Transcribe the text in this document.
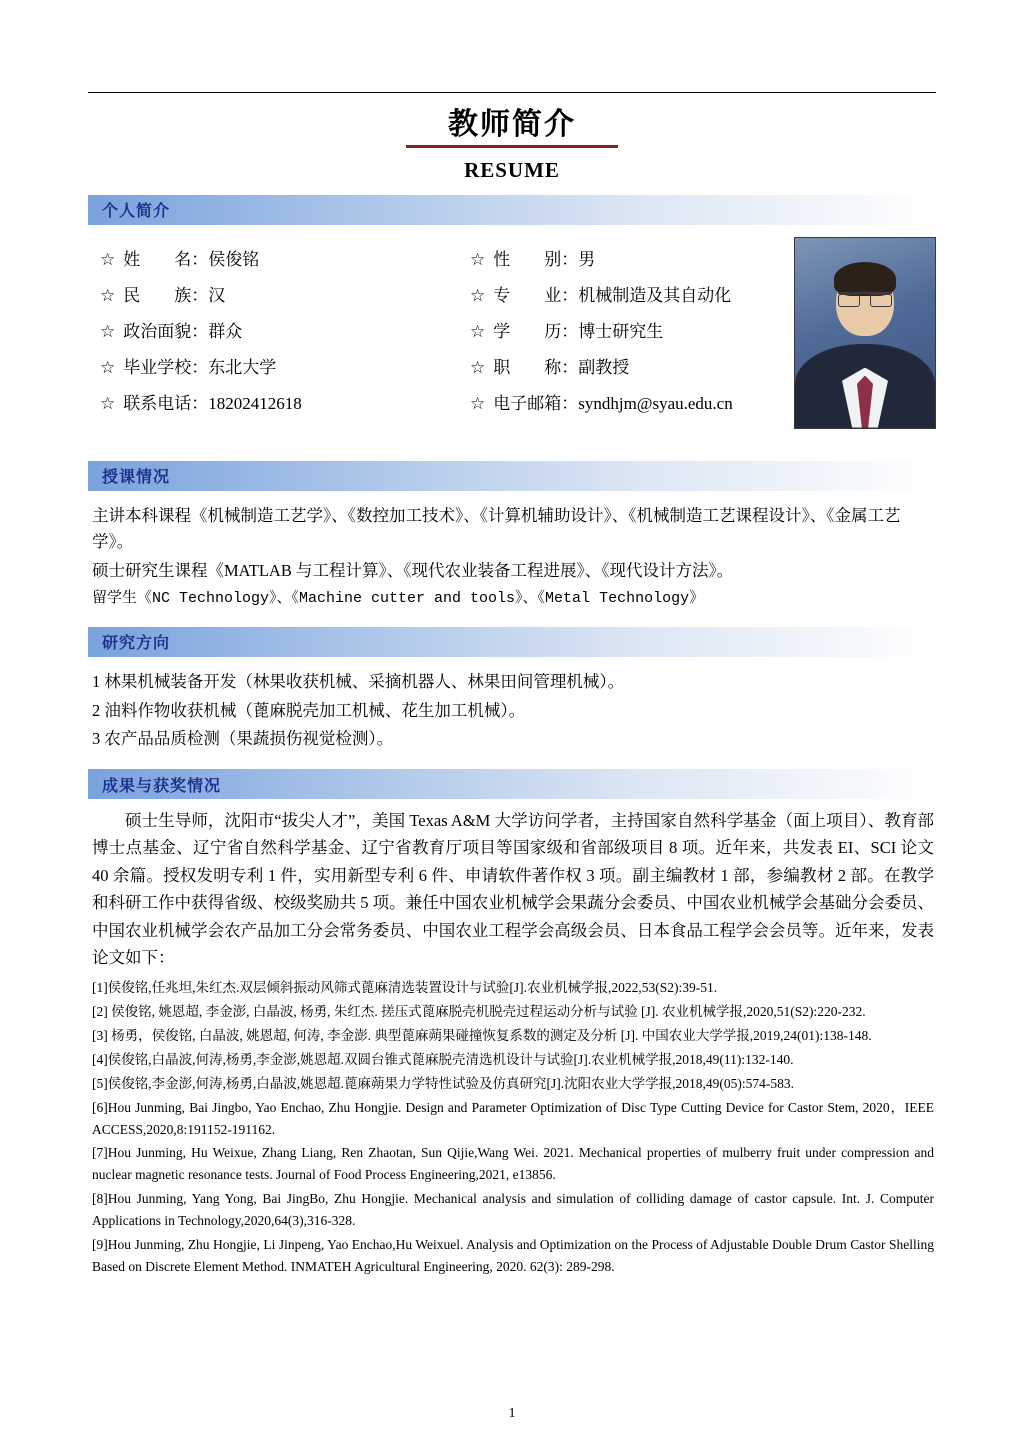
教师简介
RESUME
个人简介
☆ 姓　　名：侯俊铭	☆ 性　　别：男
☆ 民　　族：汉	☆ 专　　业：机械制造及其自动化
☆ 政治面貌：群众	☆ 学　　历：博士研究生
☆ 毕业学校：东北大学	☆ 职　　称：副教授
☆ 联系电话：18202412618	☆ 电子邮箱：syndhjm@syau.edu.cn
授课情况

主讲本科课程《机械制造工艺学》、《数控加工技术》、《计算机辅助设计》、《机械制造工艺课程设计》、《金属工艺学》。

硕士研究生课程《MATLAB 与工程计算》、《现代农业装备工程进展》、《现代设计方法》。

留学生《NC Technology》、《Machine cutter and tools》、《Metal Technology》

研究方向

1 林果机械装备开发（林果收获机械、采摘机器人、林果田间管理机械）。

2 油料作物收获机械（蓖麻脱壳加工机械、花生加工机械）。

3 农产品品质检测（果蔬损伤视觉检测）。

成果与获奖情况
硕士生导师，沈阳市“拔尖人才”，美国 Texas A&M 大学访问学者，主持国家自然科学基金（面上项目）、教育部博士点基金、辽宁省自然科学基金、辽宁省教育厅项目等国家级和省部级项目 8 项。近年来，共发表 EI、SCI 论文 40 余篇。授权发明专利 1 件，实用新型专利 6 件、申请软件著作权 3 项。副主编教材 1 部，参编教材 2 部。在教学和科研工作中获得省级、校级奖励共 5 项。兼任中国农业机械学会果蔬分会委员、中国农业机械学会基础分会委员、中国农业机械学会农产品加工分会常务委员、中国农业工程学会高级会员、日本食品工程学会会员等。近年来，发表论文如下：

[1]侯俊铭,任兆坦,朱红杰.双层倾斜振动风筛式蓖麻清选装置设计与试验[J].农业机械学报,2022,53(S2):39-51.

[2] 侯俊铭, 姚恩超, 李金澎, 白晶波, 杨勇, 朱红杰. 搓压式蓖麻脱壳机脱壳过程运动分析与试验 [J]. 农业机械学报,2020,51(S2):220-232.

[3] 杨勇，侯俊铭, 白晶波, 姚恩超, 何涛, 李金澎. 典型蓖麻蒴果碰撞恢复系数的测定及分析 [J]. 中国农业大学学报,2019,24(01):138-148.

[4]侯俊铭,白晶波,何涛,杨勇,李金澎,姚恩超.双圆台锥式蓖麻脱壳清选机设计与试验[J].农业机械学报,2018,49(11):132-140.

[5]侯俊铭,李金澎,何涛,杨勇,白晶波,姚恩超.蓖麻蒴果力学特性试验及仿真研究[J].沈阳农业大学学报,2018,49(05):574-583.

[6]Hou Junming, Bai Jingbo, Yao Enchao, Zhu Hongjie. Design and Parameter Optimization of Disc Type Cutting Device for Castor Stem, 2020，IEEE ACCESS,2020,8:191152-191162.

[7]Hou Junming, Hu Weixue, Zhang Liang, Ren Zhaotan, Sun Qijie,Wang Wei. 2021. Mechanical properties of mulberry fruit under compression and nuclear magnetic resonance tests. Journal of Food Process Engineering,2021, e13856.

[8]Hou Junming, Yang Yong, Bai JingBo, Zhu Hongjie. Mechanical analysis and simulation of colliding damage of castor capsule. Int. J. Computer Applications in Technology,2020,64(3),316-328.

[9]Hou Junming, Zhu Hongjie, Li Jinpeng, Yao Enchao,Hu Weixuel. Analysis and Optimization on the Process of Adjustable Double Drum Castor Shelling Based on Discrete Element Method. INMATEH Agricultural Engineering, 2020. 62(3): 289-298.

1
